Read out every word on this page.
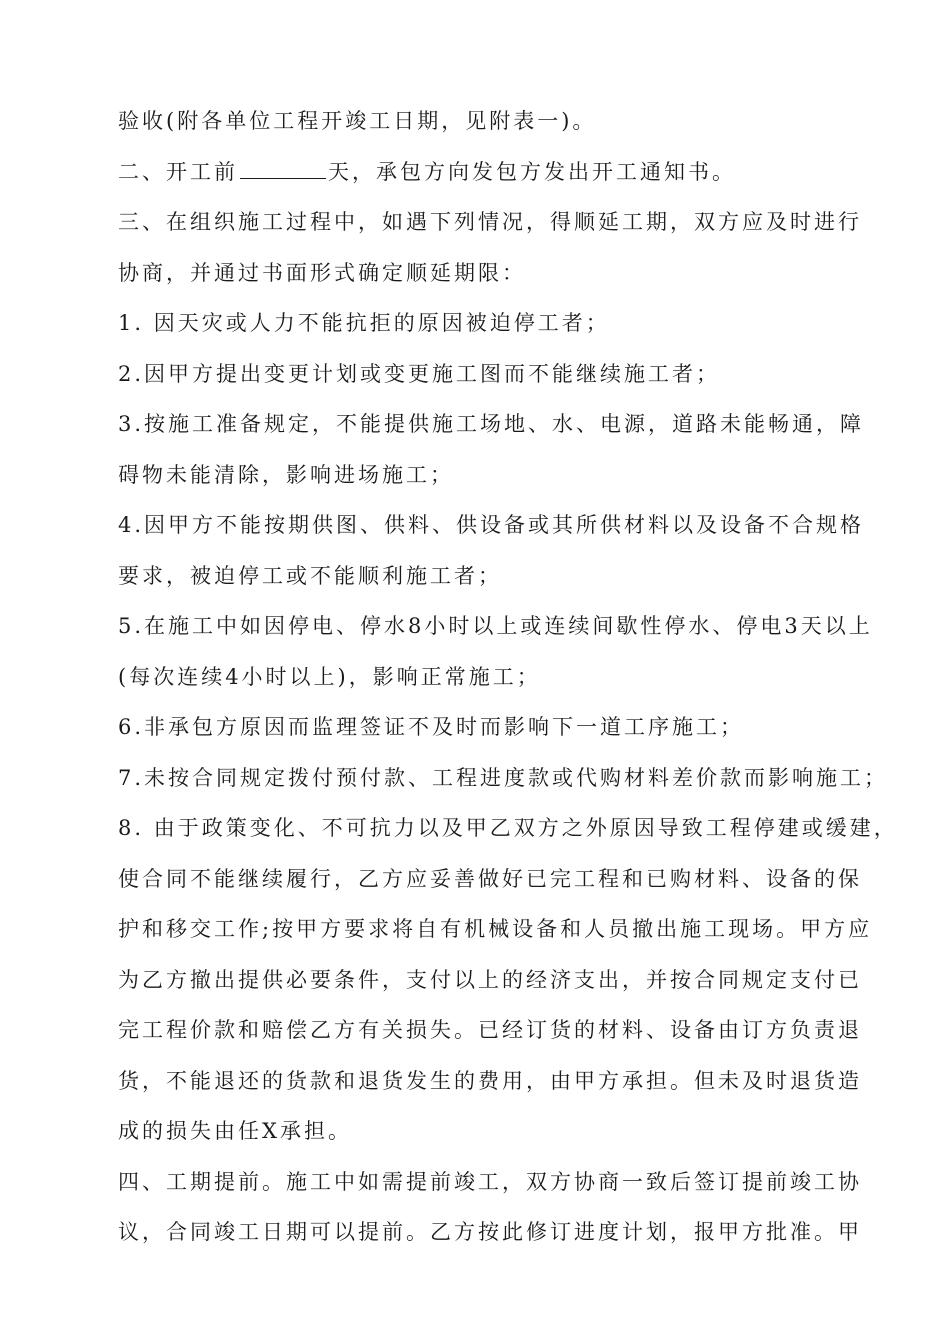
验收(附各单位工程开竣工日期，见附表一)。
二、开工前	天，承包方向发包方发出开工通知书。
三、在组织施工过程中，如遇下列情况，得顺延工期，双方应及时进行
协商，并通过书面形式确定顺延期限：
1. 因天灾或人力不能抗拒的原因被迫停工者；
2.因甲方提出变更计划或变更施工图而不能继续施工者；
3.按施工准备规定，不能提供施工场地、水、电源，道路未能畅通，障
碍物未能清除，影响进场施工；
4.因甲方不能按期供图、供料、供设备或其所供材料以及设备不合规格
要求，被迫停工或不能顺利施工者；
5.在施工中如因停电、停水8小时以上或连续间歇性停水、停电3天以上
(每次连续4小时以上)，影响正常施工；
6.非承包方原因而监理签证不及时而影响下一道工序施工；
7.未按合同规定拨付预付款、工程进度款或代购材料差价款而影响施工；
8. 由于政策变化、不可抗力以及甲乙双方之外原因导致工程停建或缓建，
使合同不能继续履行，乙方应妥善做好已完工程和已购材料、设备的保
护和移交工作;按甲方要求将自有机械设备和人员撤出施工现场。甲方应
为乙方撤出提供必要条件，支付以上的经济支出，并按合同规定支付已
完工程价款和赔偿乙方有关损失。已经订货的材料、设备由订方负责退
货，不能退还的货款和退货发生的费用，由甲方承担。但未及时退货造
成的损失由任X承担。
四、工期提前。施工中如需提前竣工，双方协商一致后签订提前竣工协
议，合同竣工日期可以提前。乙方按此修订进度计划，报甲方批准。甲
